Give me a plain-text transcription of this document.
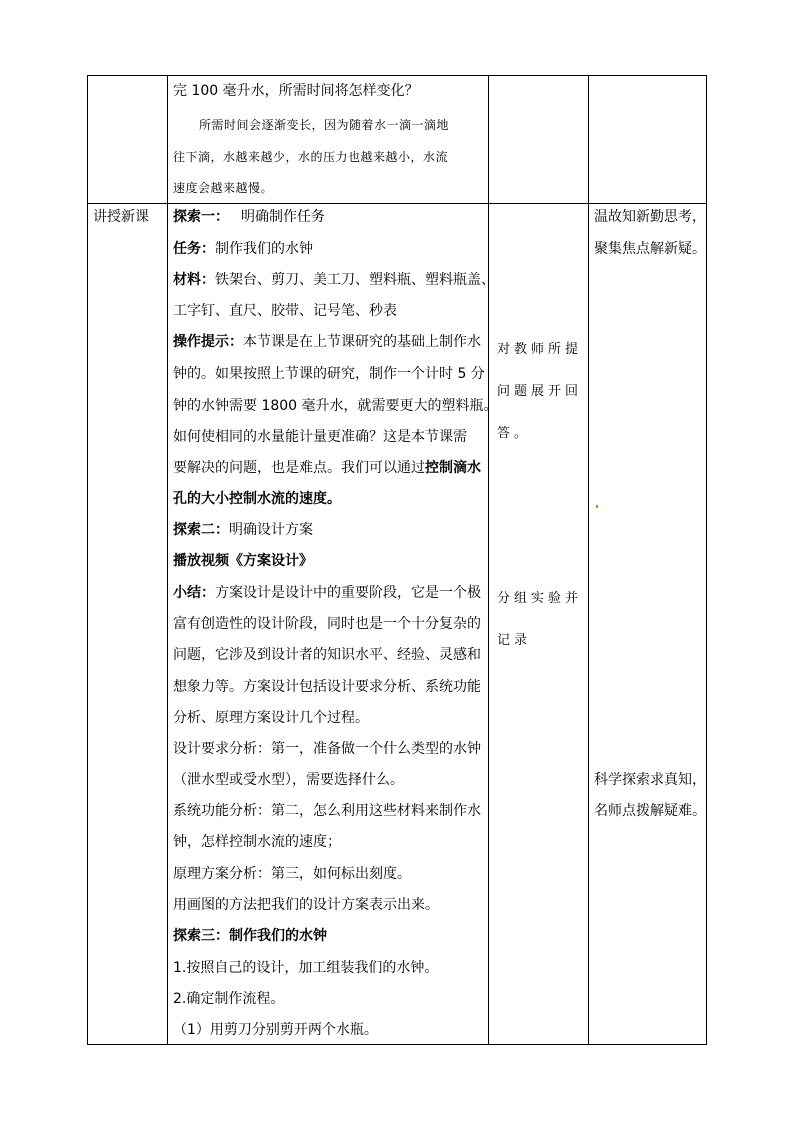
完 100 毫升水，所需时间将怎样变化？
所需时间会逐渐变长，因为随着水一滴一滴地
往下滴，水越来越少，水的压力也越来越小，水流
速度会越来越慢。
讲授新课 探索一： 明确制作任务
任务：制作我们的水钟
材料：铁架台、剪刀、美工刀、塑料瓶、塑料瓶盖、
工字钉、直尺、胶带、记号笔、秒表
操作提示：本节课是在上节课研究的基础上制作水
钟的。如果按照上节课的研究，制作一个计时 5 分
钟的水钟需要 1800 毫升水，就需要更大的塑料瓶。
如何使相同的水量能计量更准确？这是本节课需
要解决的问题，也是难点。我们可以通过控制滴水
孔的大小控制水流的速度。
探索二：明确设计方案
播放视频《方案设计》
小结：方案设计是设计中的重要阶段，它是一个极
富有创造性的设计阶段，同时也是一个十分复杂的
问题，它涉及到设计者的知识水平、经验、灵感和
想象力等。方案设计包括设计要求分析、系统功能
分析、原理方案设计几个过程。
设计要求分析：第一，准备做一个什么类型的水钟
（泄水型或受水型），需要选择什么。
系统功能分析：第二，怎么利用这些材料来制作水
钟，怎样控制水流的速度；
原理方案分析：第三，如何标出刻度。
用画图的方法把我们的设计方案表示出来。
探索三：制作我们的水钟
1.按照自己的设计，加工组装我们的水钟。
2.确定制作流程。
（1）用剪刀分别剪开两个水瓶。
对教师所提
问题展开回
答。
分组实验并
记录
温故知新勤思考，
聚集焦点解新疑。
科学探索求真知，
名师点拨解疑难。
